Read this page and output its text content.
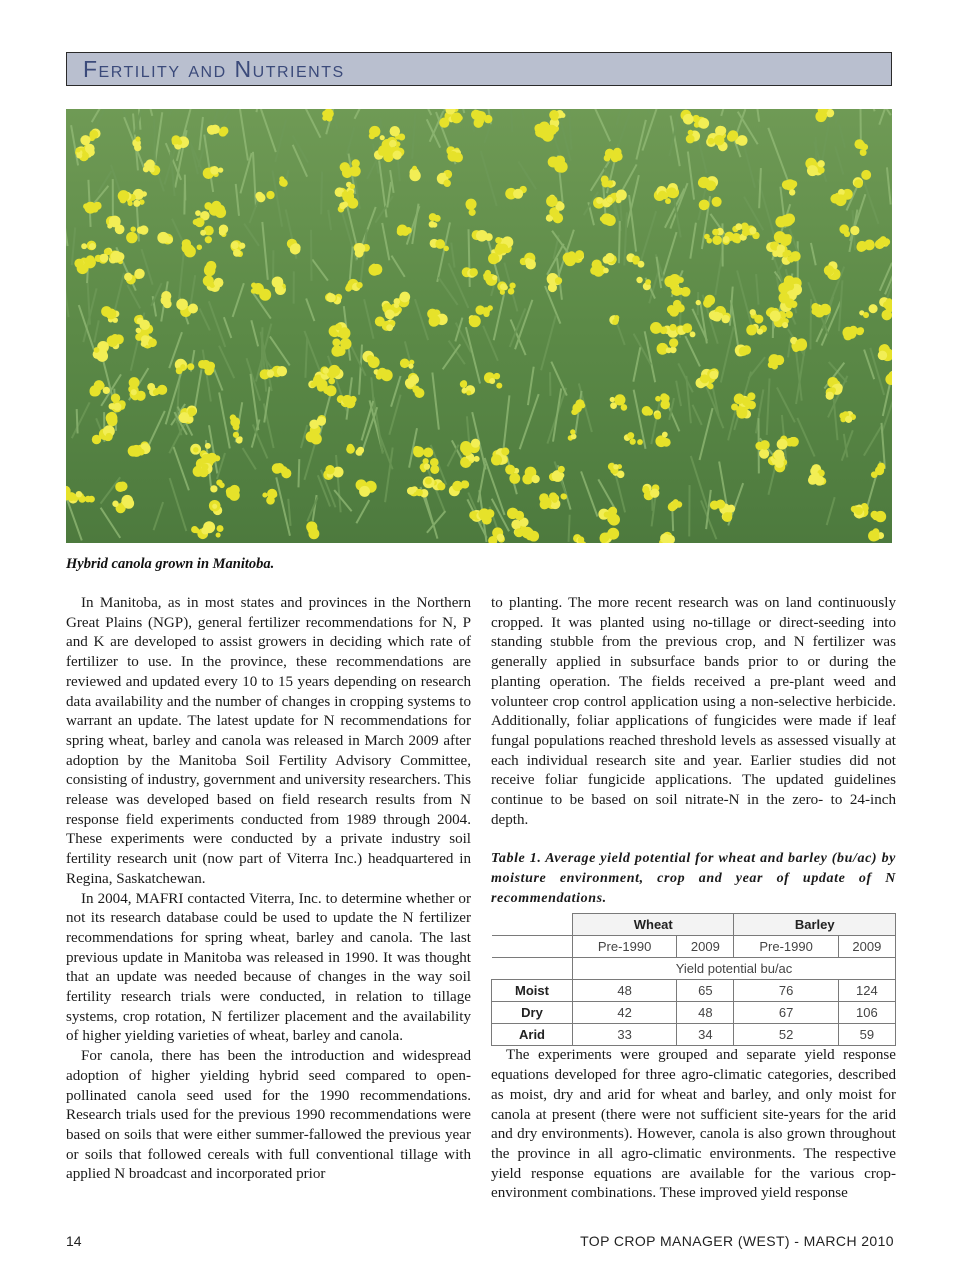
Fertility and Nutrients
Hybrid canola grown in Manitoba.

In Manitoba, as in most states and provinces in the Northern Great Plains (NGP), general fertilizer recommendations for N, P and K are developed to assist growers in deciding which rate of fertilizer to use. In the province, these recommendations are reviewed and updated every 10 to 15 years depending on research data availability and the number of changes in cropping systems to warrant an update. The latest update for N recommendations for spring wheat, barley and canola was released in March 2009 after adoption by the Manitoba Soil Fertility Advisory Committee, consisting of industry, government and university researchers. This release was developed based on field research results from N response field experiments conducted from 1989 through 2004. These experiments were conducted by a private industry soil fertility research unit (now part of Viterra Inc.) headquartered in Regina, Saskatchewan.

In 2004, MAFRI contacted Viterra, Inc. to determine whether or not its research database could be used to update the N fertilizer recommendations for spring wheat, barley and canola. The last previous update in Manitoba was released in 1990. It was thought that an update was needed because of changes in the way soil fertility research trials were conducted, in relation to tillage systems, crop rotation, N fertilizer placement and the availability of higher yielding varieties of wheat, barley and canola.

For canola, there has been the introduction and widespread adoption of higher yielding hybrid seed compared to open-pollinated canola seed used for the 1990 recommendations. Research trials used for the previous 1990 recommendations were based on soils that were either summer-fallowed the previous year or soils that followed cereals with full conventional tillage with applied N broadcast and incorporated prior

to planting. The more recent research was on land continuously cropped. It was planted using no-tillage or direct-seeding into standing stubble from the previous crop, and N fertilizer was generally applied in subsurface bands prior to or during the planting operation. The fields received a pre-plant weed and volunteer crop control application using a non-selective herbicide. Additionally, foliar applications of fungicides were made if leaf fungal populations reached threshold levels as assessed visually at each individual research site and year. Earlier studies did not receive foliar fungicide applications. The updated guidelines continue to be based on soil nitrate-N in the zero- to 24-inch depth.

Table 1. Average yield potential for wheat and barley (bu/ac) by moisture environment, crop and year of update of N recommendations.
	Wheat		Barley	
	Pre-1990	2009	Pre-1990	2009
	Yield potential bu/ac			
Moist	48	65	76	124
Dry	42	48	67	106
Arid	33	34	52	59

The experiments were grouped and separate yield response equations developed for three agro-climatic categories, described as moist, dry and arid for wheat and barley, and only moist for canola at present (there were not sufficient site-years for the arid and dry environments). However, canola is also grown throughout the province in all agro-climatic environments. The respective yield response equations are available for the various crop-environment combinations. These improved yield response

14	TOP CROP MANAGER (WEST) - MARCH 2010
